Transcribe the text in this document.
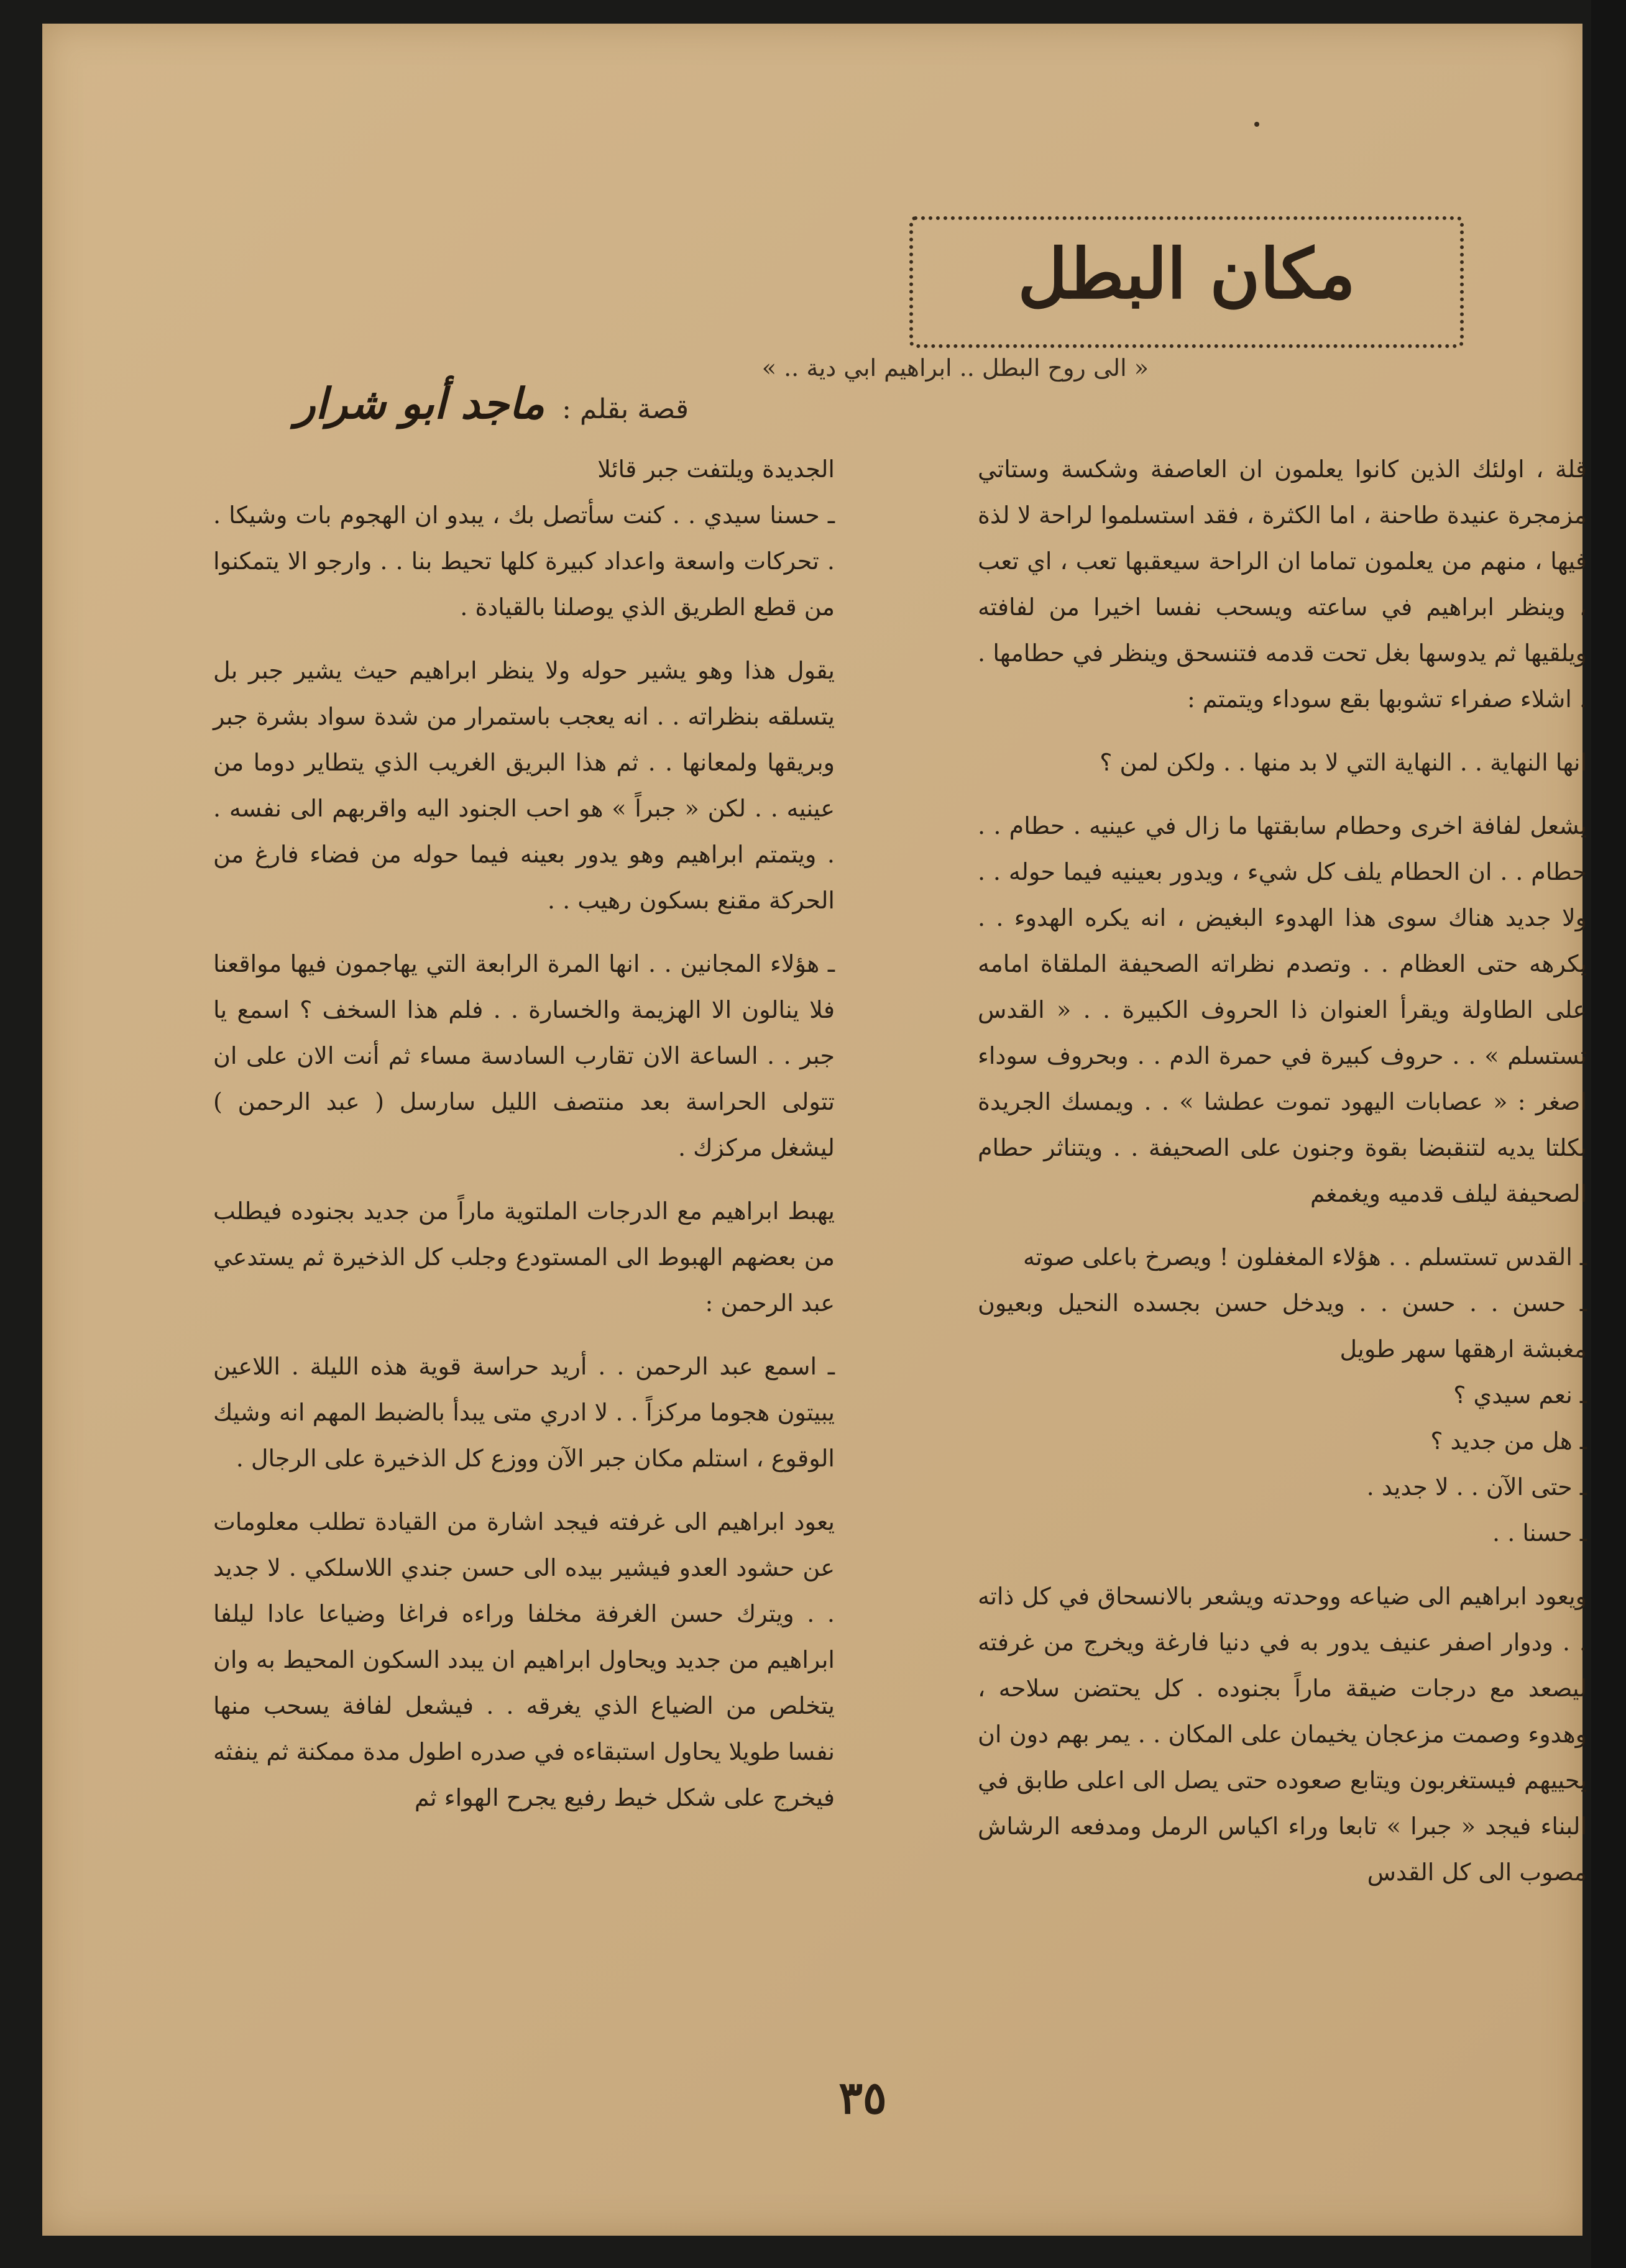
مكان البطل
« الى روح البطل .. ابراهيم ابي دية .. »
قصة بقلم : ماجد أبو شرار

قلة ، اولئك الذين كانوا يعلمون ان العاصفة وشكسة وستاتي مزمجرة عنيدة طاحنة ، اما الكثرة ، فقد استسلموا لراحة لا لذة فيها ، منهم من يعلمون تماما ان الراحة سيعقبها تعب ، اي تعب ، وينظر ابراهيم في ساعته ويسحب نفسا اخيرا من لفافته ويلقيها ثم يدوسها بغل تحت قدمه فتنسحق وينظر في حطامها . . اشلاء صفراء تشوبها بقع سوداء ويتمتم :

انها النهاية . . النهاية التي لا بد منها . . ولكن لمن ؟

يشعل لفافة اخرى وحطام سابقتها ما زال في عينيه . حطام . . حطام . . ان الحطام يلف كل شيء ، ويدور بعينيه فيما حوله . . ولا جديد هناك سوى هذا الهدوء البغيض ، انه يكره الهدوء . . يكرهه حتى العظام . . وتصدم نظراته الصحيفة الملقاة امامه على الطاولة ويقرأ العنوان ذا الحروف الكبيرة . . « القدس تستسلم » . . حروف كبيرة في حمرة الدم . . وبحروف سوداء اصغر : « عصابات اليهود تموت عطشا » . . ويمسك الجريدة بكلتا يديه لتنقبضا بقوة وجنون على الصحيفة . . ويتناثر حطام الصحيفة ليلف قدميه ويغمغم

ـ القدس تستسلم . . هؤلاء المغفلون ! ويصرخ باعلى صوته

ـ حسن . . حسن . . ويدخل حسن بجسده النحيل وبعيون مغبشة ارهقها سهر طويل

ـ نعم سيدي ؟

ـ هل من جديد ؟

ـ حتى الآن . . لا جديد .

ـ حسنا . .

ويعود ابراهيم الى ضياعه ووحدته ويشعر بالانسحاق في كل ذاته . . ودوار اصفر عنيف يدور به في دنيا فارغة ويخرج من غرفته ليصعد مع درجات ضيقة ماراً بجنوده . كل يحتضن سلاحه ، وهدوء وصمت مزعجان يخيمان على المكان . . يمر بهم دون ان يحييهم فيستغربون ويتابع صعوده حتى يصل الى اعلى طابق في البناء فيجد « جبرا » تابعا وراء اكياس الرمل ومدفعه الرشاش مصوب الى كل القدس

الجديدة ويلتفت جبر قائلا

ـ حسنا سيدي . . كنت سأتصل بك ، يبدو ان الهجوم بات وشيكا . . تحركات واسعة واعداد كبيرة كلها تحيط بنا . . وارجو الا يتمكنوا من قطع الطريق الذي يوصلنا بالقيادة .

يقول هذا وهو يشير حوله ولا ينظر ابراهيم حيث يشير جبر بل يتسلقه بنظراته . . انه يعجب باستمرار من شدة سواد بشرة جبر وبريقها ولمعانها . . ثم هذا البريق الغريب الذي يتطاير دوما من عينيه . . لكن « جبراً » هو احب الجنود اليه واقربهم الى نفسه . . ويتمتم ابراهيم وهو يدور بعينه فيما حوله من فضاء فارغ من الحركة مقنع بسكون رهيب . .

ـ هؤلاء المجانين . . انها المرة الرابعة التي يهاجمون فيها مواقعنا فلا ينالون الا الهزيمة والخسارة . . فلم هذا السخف ؟ اسمع يا جبر . . الساعة الان تقارب السادسة مساء ثم أنت الان على ان تتولى الحراسة بعد منتصف الليل سارسل ( عبد الرحمن ) ليشغل مركزك .

يهبط ابراهيم مع الدرجات الملتوية ماراً من جديد بجنوده فيطلب من بعضهم الهبوط الى المستودع وجلب كل الذخيرة ثم يستدعي عبد الرحمن :

ـ اسمع عبد الرحمن . . أريد حراسة قوية هذه الليلة . اللاعين يبيتون هجوما مركزاً . . لا ادري متى يبدأ بالضبط المهم انه وشيك الوقوع ، استلم مكان جبر الآن ووزع كل الذخيرة على الرجال .

يعود ابراهيم الى غرفته فيجد اشارة من القيادة تطلب معلومات عن حشود العدو فيشير بيده الى حسن جندي اللاسلكي . لا جديد . . ويترك حسن الغرفة مخلفا وراءه فراغا وضياعا عادا ليلفا ابراهيم من جديد ويحاول ابراهيم ان يبدد السكون المحيط به وان يتخلص من الضياع الذي يغرقه . . فيشعل لفافة يسحب منها نفسا طويلا يحاول استبقاءه في صدره اطول مدة ممكنة ثم ينفثه فيخرج على شكل خيط رفيع يجرح الهواء ثم

٣٥
